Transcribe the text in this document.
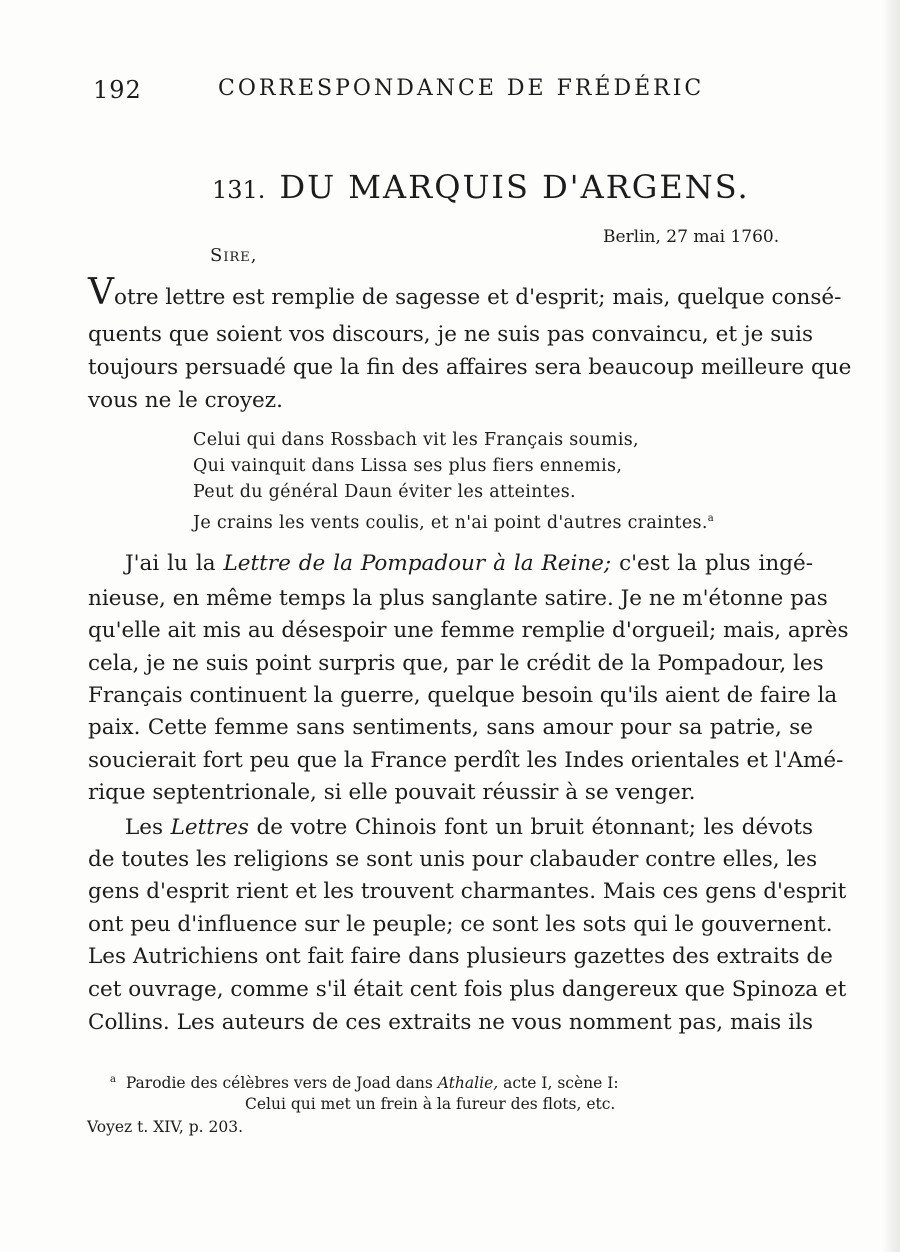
192	CORRESPONDANCE DE FRÉDÉRIC
131. DU MARQUIS D'ARGENS.
Berlin, 27 mai 1760.
Sire,
Votre lettre est remplie de sagesse et d'esprit; mais, quelque consé-
quents que soient vos discours, je ne suis pas convaincu, et je suis
toujours persuadé que la fin des affaires sera beaucoup meilleure que
vous ne le croyez.
Celui qui dans Rossbach vit les Français soumis,
Qui vainquit dans Lissa ses plus fiers ennemis,
Peut du général Daun éviter les atteintes.
Je crains les vents coulis, et n'ai point d'autres craintes.$^a$
J'ai lu la Lettre de la Pompadour à la Reine; c'est la plus ingé-
nieuse, en même temps la plus sanglante satire. Je ne m'étonne pas
qu'elle ait mis au désespoir une femme remplie d'orgueil; mais, après
cela, je ne suis point surpris que, par le crédit de la Pompadour, les
Français continuent la guerre, quelque besoin qu'ils aient de faire la
paix. Cette femme sans sentiments, sans amour pour sa patrie, se
soucierait fort peu que la France perdît les Indes orientales et l'Amé-
rique septentrionale, si elle pouvait réussir à se venger.
Les Lettres de votre Chinois font un bruit étonnant; les dévots
de toutes les religions se sont unis pour clabauder contre elles, les
gens d'esprit rient et les trouvent charmantes. Mais ces gens d'esprit
ont peu d'influence sur le peuple; ce sont les sots qui le gouvernent.
Les Autrichiens ont fait faire dans plusieurs gazettes des extraits de
cet ouvrage, comme s'il était cent fois plus dangereux que Spinoza et
Collins. Les auteurs de ces extraits ne vous nomment pas, mais ils
$^a$ Parodie des célèbres vers de Joad dans Athalie, acte I, scène I:
Celui qui met un frein à la fureur des flots, etc.
Voyez t. XIV, p. 203.
